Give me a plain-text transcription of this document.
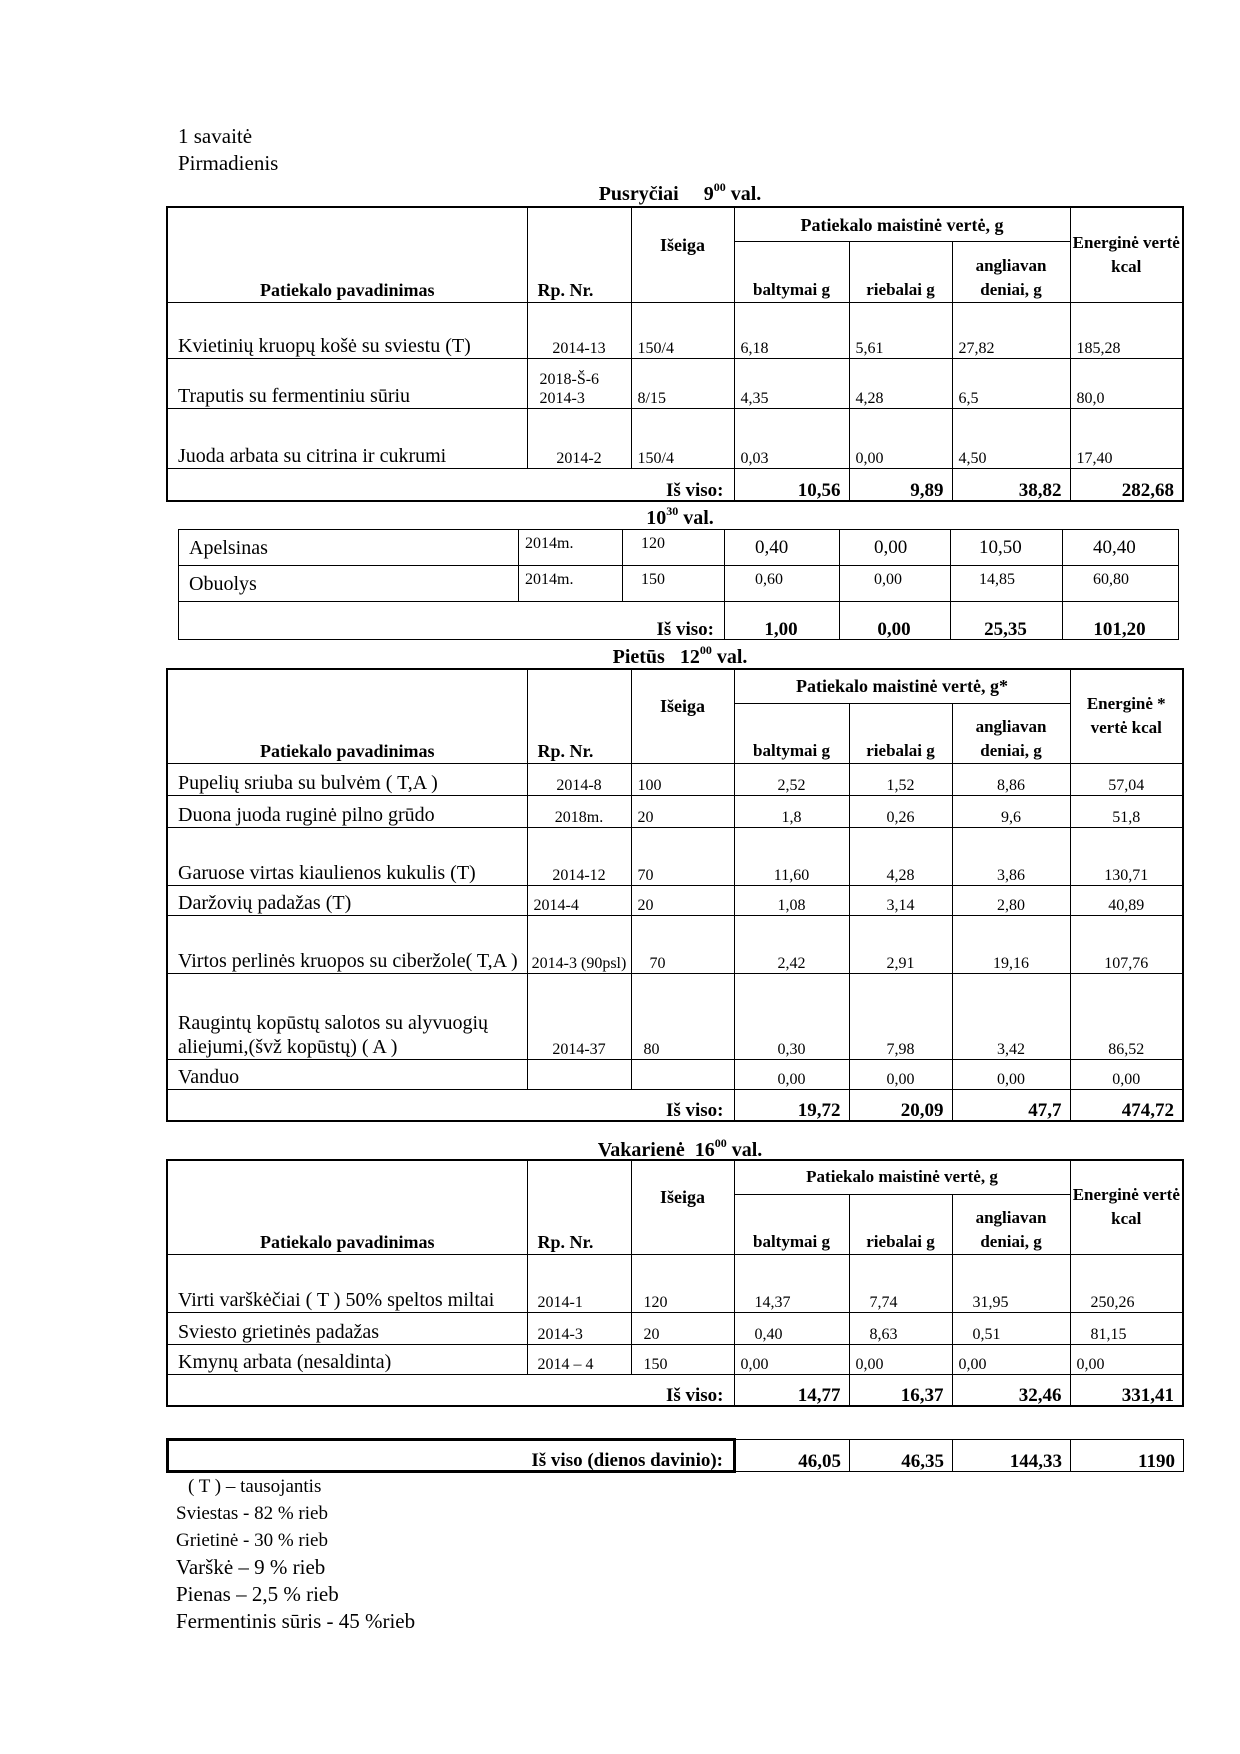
1 savaitė
Pirmadienis
Pusryčiai $9^{00}$ val.
Patiekalo pavadinimas	Rp. Nr.	Išeiga	Patiekalo maistinė vertė, g			Energinė vertė kcal
			baltymai g	riebalai g	angliavan deniai, g	
Kvietinių kruopų košė su sviestu (T)	2014-13	150/4	6,18	5,61	27,82	185,28
Traputis su fermentiniu sūriu	2018-Š-6 2014-3	8/15	4,35	4,28	6,5	80,0
Juoda arbata su citrina ir cukrumi	2014-2	150/4	0,03	0,00	4,50	17,40
Iš viso:			10,56	9,89	38,82	282,68
$10^{30}$ val.
Apelsinas	2014m.	120	0,40	0,00	10,50	40,40
Obuolys	2014m.	150	0,60	0,00	14,85	60,80
Iš viso:			1,00	0,00	25,35	101,20
Pietūs $12^{00}$ val.
Patiekalo pavadinimas	Rp. Nr.	Išeiga	Patiekalo maistinė vertė, g*			Energinė * vertė kcal
			baltymai g	riebalai g	angliavan deniai, g	
Pupelių sriuba su bulvėm ( T,A )	2014-8	100	2,52	1,52	8,86	57,04
Duona juoda ruginė pilno grūdo	2018m.	20	1,8	0,26	9,6	51,8
Garuose virtas kiaulienos kukulis (T)	2014-12	70	11,60	4,28	3,86	130,71
Daržovių padažas (T)	2014-4	20	1,08	3,14	2,80	40,89
Virtos perlinės kruopos su ciberžole( T,A )	2014-3 (90psl)	70	2,42	2,91	19,16	107,76
Raugintų kopūstų salotos su alyvuogių aliejumi,(švž kopūstų) ( A )	2014-37	80	0,30	7,98	3,42	86,52
Vanduo			0,00	0,00	0,00	0,00
Iš viso:			19,72	20,09	47,7	474,72
Vakarienė $16^{00}$ val.
Patiekalo pavadinimas	Rp. Nr.	Išeiga	Patiekalo maistinė vertė, g			Energinė vertė kcal
			baltymai g	riebalai g	angliavan deniai, g	
Virti varškėčiai ( T ) 50% speltos miltai	2014-1	120	14,37	7,74	31,95	250,26
Sviesto grietinės padažas	2014-3	20	0,40	8,63	0,51	81,15
Kmynų arbata (nesaldinta)	2014 – 4	150	0,00	0,00	0,00	0,00
Iš viso:			14,77	16,37	32,46	331,41
Iš viso (dienos davinio):	46,05	46,35	144,33	1190

( T ) – tausojantis
Sviestas - 82 % rieb
Grietinė - 30 % rieb
Varškė – 9 % rieb
Pienas – 2,5 % rieb
Fermentinis sūris - 45 %rieb
